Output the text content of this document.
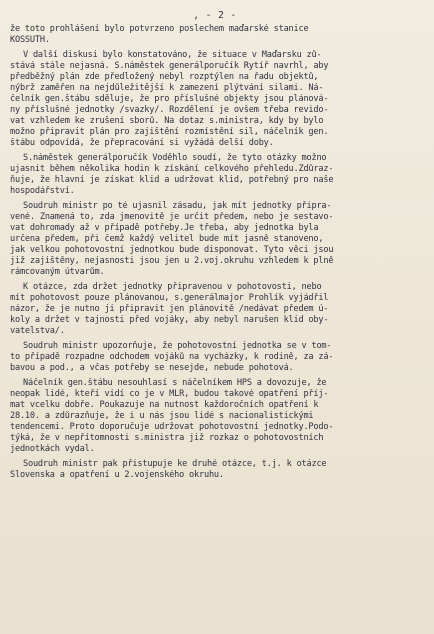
, - 2 -
že toto prohlášení bylo potvrzeno poslechem maďarské stanice
KOSSUTH.
V další diskusi bylo konstatováno, že situace v Maďarsku zů-
stává stále nejasná. S.náměstek generálporučík Rytíř navrhl, aby
předběžný plán zde předložený nebyl rozptýlen na řadu objektů,
nýbrž zaměřen na nejdůležitější k zamezení plýtvání silami. Ná-
čelník gen.štábu sděluje, že pro příslušné objekty jsou plánová-
ny příslušné jednotky /svazky/. Rozdělení je ovšem třeba revido-
vat vzhledem ke zrušení sborů. Na dotaz s.ministra, kdy by bylo
možno připravit plán pro zajištění rozmístění sil, náčelník gen.
štábu odpovídá, že přepracování si vyžádá delší doby.
S.náměstek generálporučík Voděhlo soudí, že tyto otázky možno
ujasnit během několika hodin k získání celkového přehledu.Zdůraz-
ňuje, že hlavní je získat klid a udržovat klid, potřebný pro naše
hospodářství.
Soudruh ministr po té ujasnil zásadu, jak mít jednotky připra-
vené. Znamená to, zda jmenovitě je určit předem, nebo je sestavo-
vat dohromady až v případě potřeby.Je třeba, aby jednotka byla
určena předem, při čemž každý velitel bude mít jasně stanoveno,
jak velkou pohotovostní jednotkou bude disponovat. Tyto věci jsou
již zajištěny, nejasnosti jsou jen u 2.voj.okruhu vzhledem k plně
rámcovaným útvarům.
K otázce, zda držet jednotky připravenou v pohotovosti, nebo
mít pohotovost pouze plánovanou, s.generálmajor Prohlík vyjádřil
názor, že je nutno ji připravit jen plánovitě /nedávat předem ú-
koly a držet v tajnosti před vojáky, aby nebyl narušen klid oby-
vatelstva/.
Soudruh ministr upozorňuje, že pohotovostní jednotka se v tom-
to případě rozpadne odchodem vojáků na vycházky, k rodině, za zá-
bavou a pod., a včas potřeby se nesejde, nebude pohotová.
Náčelník gen.štábu nesouhlasí s náčelníkem HPS a dovozuje, že
neopak lidé, kteří vidí co je v MLR, budou takové opatření příj-
mat vcelku dobře. Poukazuje na nutnost každoročních opatření k
28.10. a zdůrazňuje, že i u nás jsou lidé s nacionalistickými
tendencemi. Proto doporučuje udržovat pohotovostní jednotky.Podo-
týká, že v nepřítomnosti s.ministra již rozkaz o pohotovostních
jednotkách vydal.
Soudruh ministr pak přistupuje ke druhé otázce, t.j. k otázce
Slovenska a opatření u 2.vojenského okruhu.
